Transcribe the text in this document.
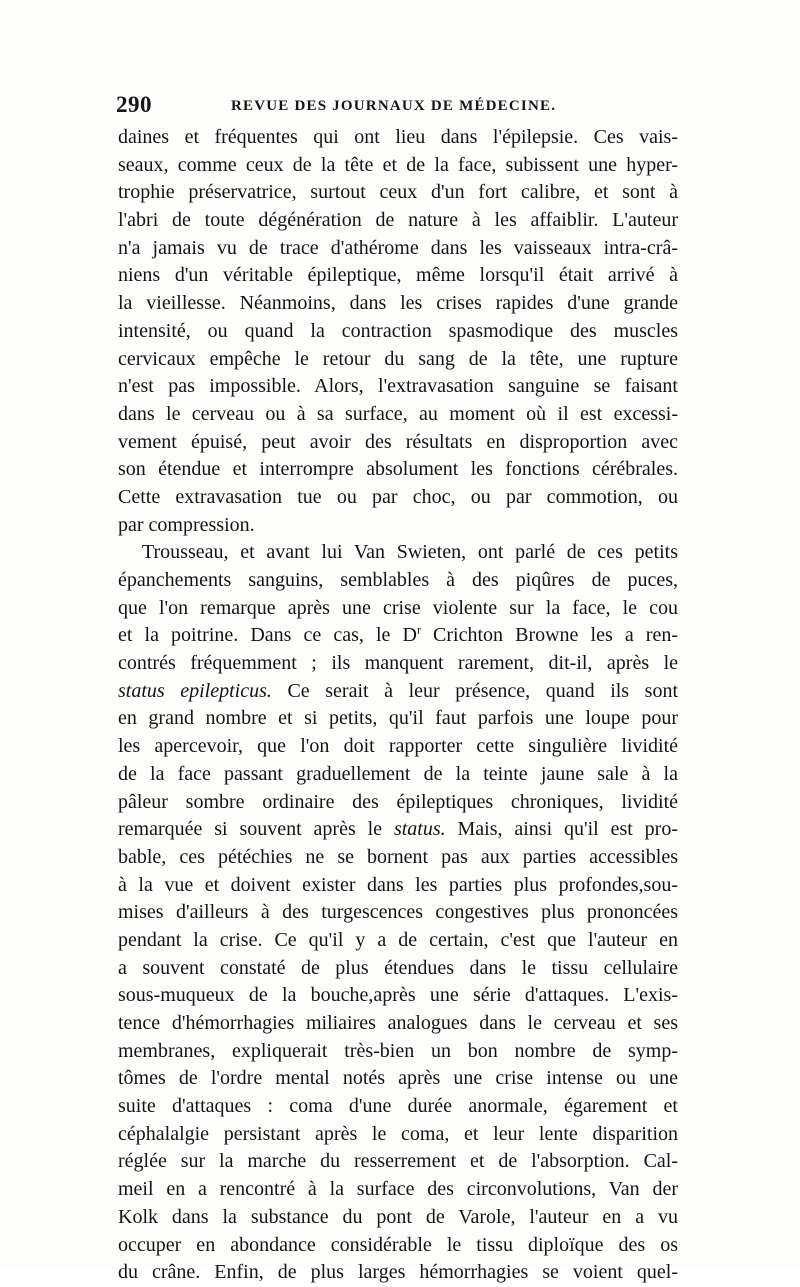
290	REVUE DES JOURNAUX DE MÉDECINE.
daines et fréquentes qui ont lieu dans l'épilepsie. Ces vais-
seaux, comme ceux de la tête et de la face, subissent une hyper-
trophie préservatrice, surtout ceux d'un fort calibre, et sont à
l'abri de toute dégénération de nature à les affaiblir. L'auteur
n'a jamais vu de trace d'athérome dans les vaisseaux intra-crâ-
niens d'un véritable épileptique, même lorsqu'il était arrivé à
la vieillesse. Néanmoins, dans les crises rapides d'une grande
intensité, ou quand la contraction spasmodique des muscles
cervicaux empêche le retour du sang de la tête, une rupture
n'est pas impossible. Alors, l'extravasation sanguine se faisant
dans le cerveau ou à sa surface, au moment où il est excessi-
vement épuisé, peut avoir des résultats en disproportion avec
son étendue et interrompre absolument les fonctions cérébrales.
Cette extravasation tue ou par choc, ou par commotion, ou
par compression.
Trousseau, et avant lui Van Swieten, ont parlé de ces petits
épanchements sanguins, semblables à des piqûres de puces,
que l'on remarque après une crise violente sur la face, le cou
et la poitrine. Dans ce cas, le $D^r$ Crichton Browne les a ren-
contrés fréquemment ; ils manquent rarement, dit-il, après le
status epilepticus. Ce serait à leur présence, quand ils sont
en grand nombre et si petits, qu'il faut parfois une loupe pour
les apercevoir, que l'on doit rapporter cette singulière lividité
de la face passant graduellement de la teinte jaune sale à la
pâleur sombre ordinaire des épileptiques chroniques, lividité
remarquée si souvent après le status. Mais, ainsi qu'il est pro-
bable, ces pétéchies ne se bornent pas aux parties accessibles
à la vue et doivent exister dans les parties plus profondes,sou-
mises d'ailleurs à des turgescences congestives plus prononcées
pendant la crise. Ce qu'il y a de certain, c'est que l'auteur en
a souvent constaté de plus étendues dans le tissu cellulaire
sous-muqueux de la bouche,après une série d'attaques. L'exis-
tence d'hémorrhagies miliaires analogues dans le cerveau et ses
membranes, expliquerait très-bien un bon nombre de symp-
tômes de l'ordre mental notés après une crise intense ou une
suite d'attaques : coma d'une durée anormale, égarement et
céphalalgie persistant après le coma, et leur lente disparition
réglée sur la marche du resserrement et de l'absorption. Cal-
meil en a rencontré à la surface des circonvolutions, Van der
Kolk dans la substance du pont de Varole, l'auteur en a vu
occuper en abondance considérable le tissu diploïque des os
du crâne. Enfin, de plus larges hémorrhagies se voient quel-
